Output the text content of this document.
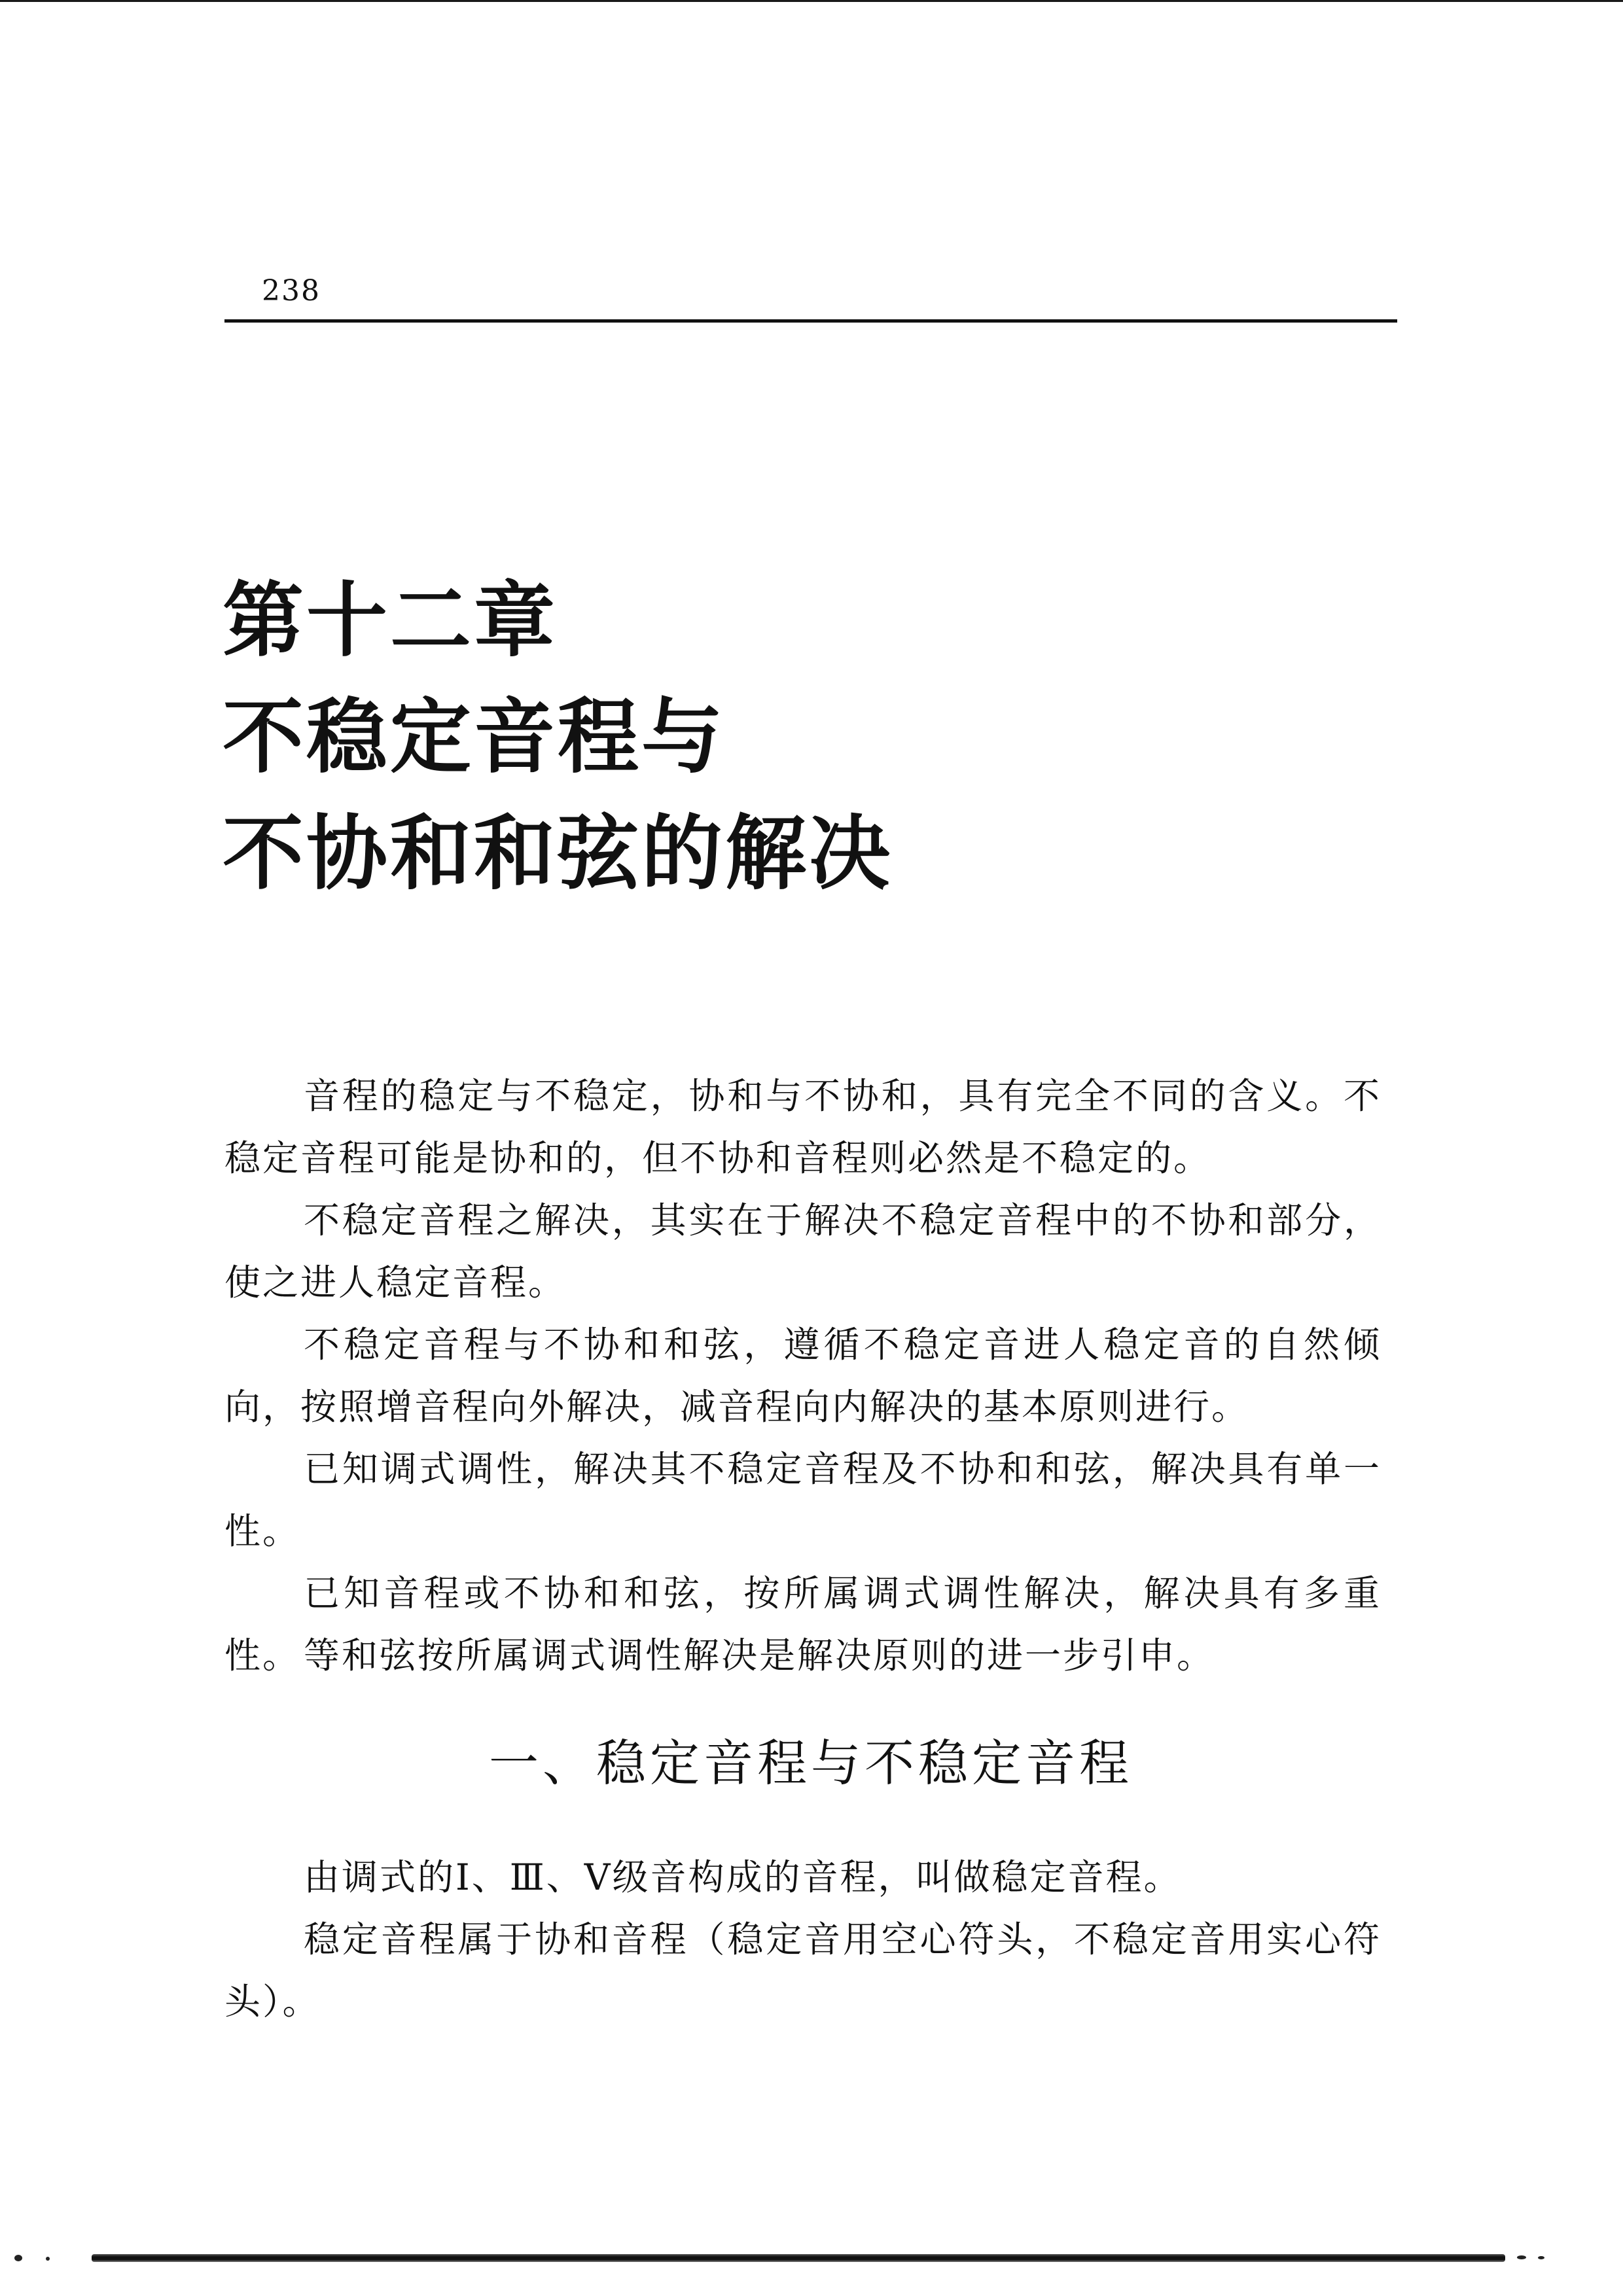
238
第十二章
不稳定音程与
不协和和弦的解决

音程的稳定与不稳定，协和与不协和，具有完全不同的含义。不稳定音程可能是协和的，但不协和音程则必然是不稳定的。

不稳定音程之解决，其实在于解决不稳定音程中的不协和部分，使之进人稳定音程。

不稳定音程与不协和和弦，遵循不稳定音进人稳定音的自然倾向，按照增音程向外解决，减音程向内解决的基本原则进行。

已知调式调性，解决其不稳定音程及不协和和弦，解决具有单一性。

已知音程或不协和和弦，按所属调式调性解决，解决具有多重性。 等和弦按所属调式调性解决是解决原则的进一步引申。

一、稳定音程与不稳定音程

由调式的Ⅰ、Ⅲ、Ⅴ级音构成的音程，叫做稳定音程。

稳定音程属于协和音程（稳定音用空心符头，不稳定音用实心符头）。
